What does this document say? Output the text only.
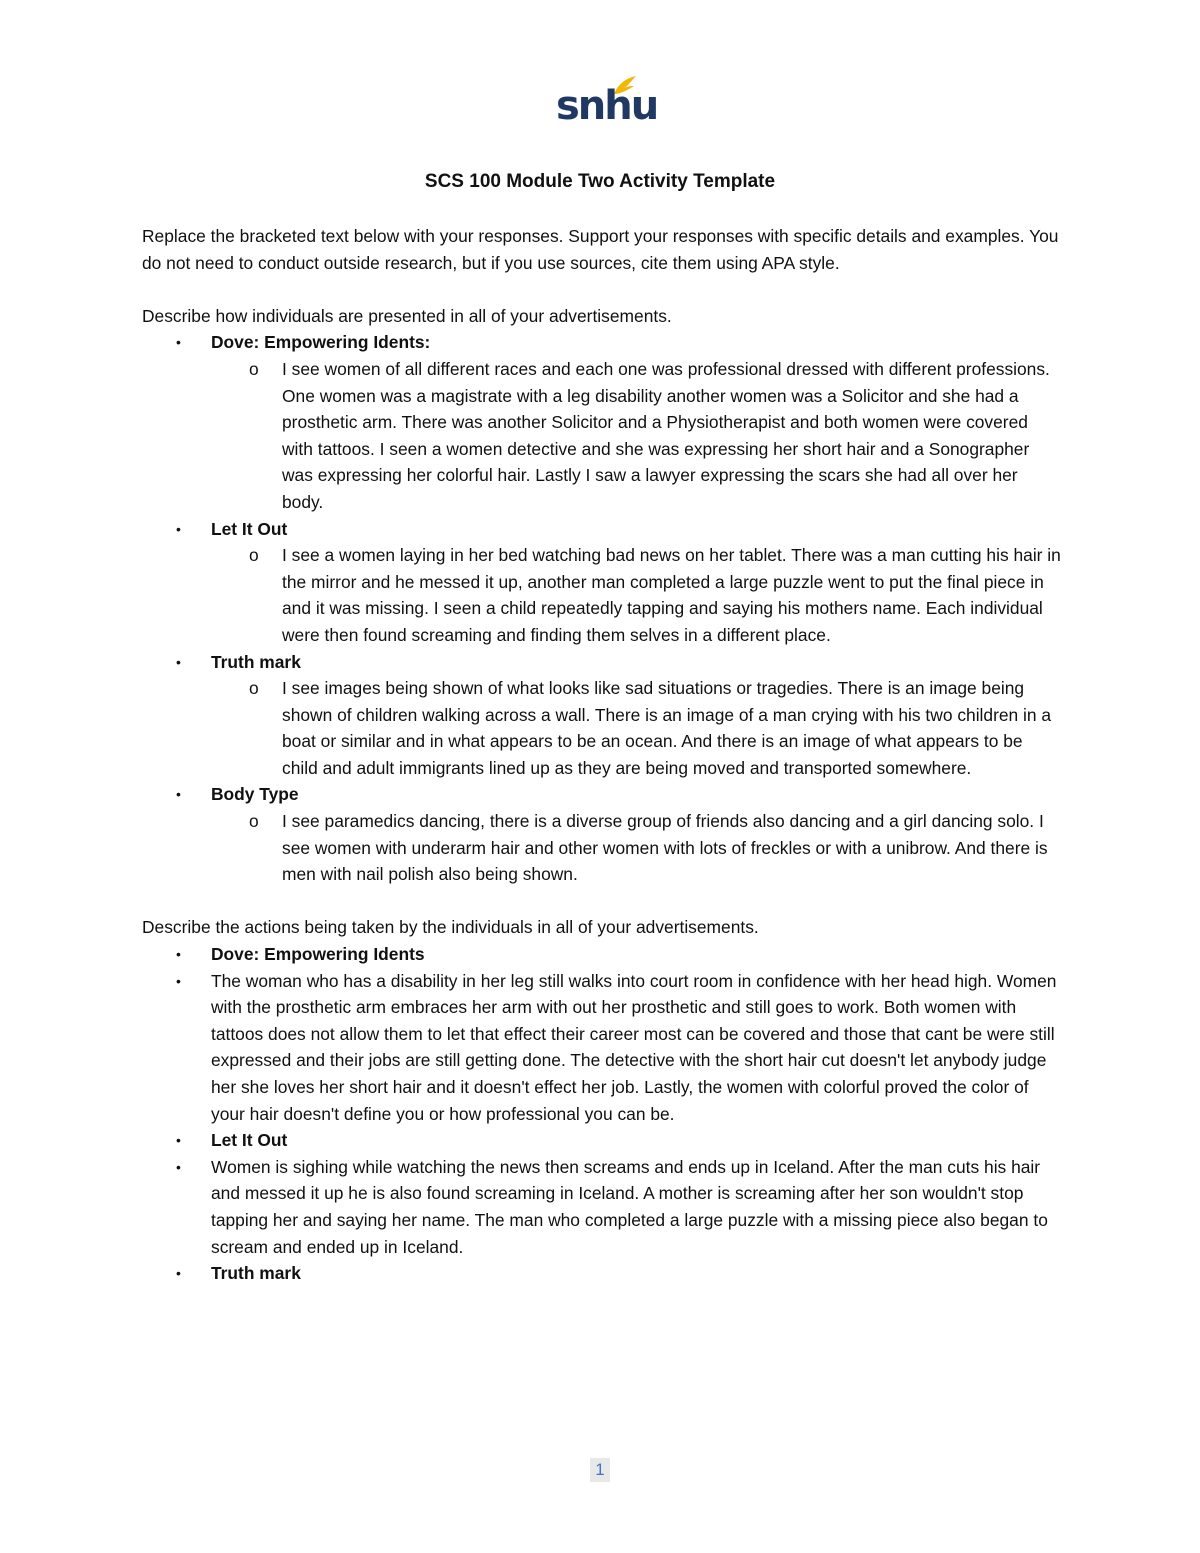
snhu
SCS 100 Module Two Activity Template

Replace the bracketed text below with your responses. Support your responses with specific details and examples. You do not need to conduct outside research, but if you use sources, cite them using APA style.

Describe how individuals are presented in all of your advertisements.

• Dove: Empowering Idents:

o I see women of all different races and each one was professional dressed with different professions. One women was a magistrate with a leg disability another women was a Solicitor and she had a prosthetic arm. There was another Solicitor and a Physiotherapist and both women were covered with tattoos. I seen a women detective and she was expressing her short hair and a Sonographer was expressing her colorful hair. Lastly I saw a lawyer expressing the scars she had all over her body.

• Let It Out

o I see a women laying in her bed watching bad news on her tablet. There was a man cutting his hair in the mirror and he messed it up, another man completed a large puzzle went to put the final piece in and it was missing. I seen a child repeatedly tapping and saying his mothers name. Each individual were then found screaming and finding them selves in a different place.

• Truth mark

o I see images being shown of what looks like sad situations or tragedies. There is an image being shown of children walking across a wall. There is an image of a man crying with his two children in a boat or similar and in what appears to be an ocean. And there is an image of what appears to be child and adult immigrants lined up as they are being moved and transported somewhere.

• Body Type

o I see paramedics dancing, there is a diverse group of friends also dancing and a girl dancing solo. I see women with underarm hair and other women with lots of freckles or with a unibrow. And there is men with nail polish also being shown.

Describe the actions being taken by the individuals in all of your advertisements.

• Dove: Empowering Idents

• The woman who has a disability in her leg still walks into court room in confidence with her head high. Women with the prosthetic arm embraces her arm with out her prosthetic and still goes to work. Both women with tattoos does not allow them to let that effect their career most can be covered and those that cant be were still expressed and their jobs are still getting done. The detective with the short hair cut doesn't let anybody judge her she loves her short hair and it doesn't effect her job. Lastly, the women with colorful proved the color of your hair doesn't define you or how professional you can be.

• Let It Out

• Women is sighing while watching the news then screams and ends up in Iceland. After the man cuts his hair and messed it up he is also found screaming in Iceland. A mother is screaming after her son wouldn't stop tapping her and saying her name. The man who completed a large puzzle with a missing piece also began to scream and ended up in Iceland.

• Truth mark

1
